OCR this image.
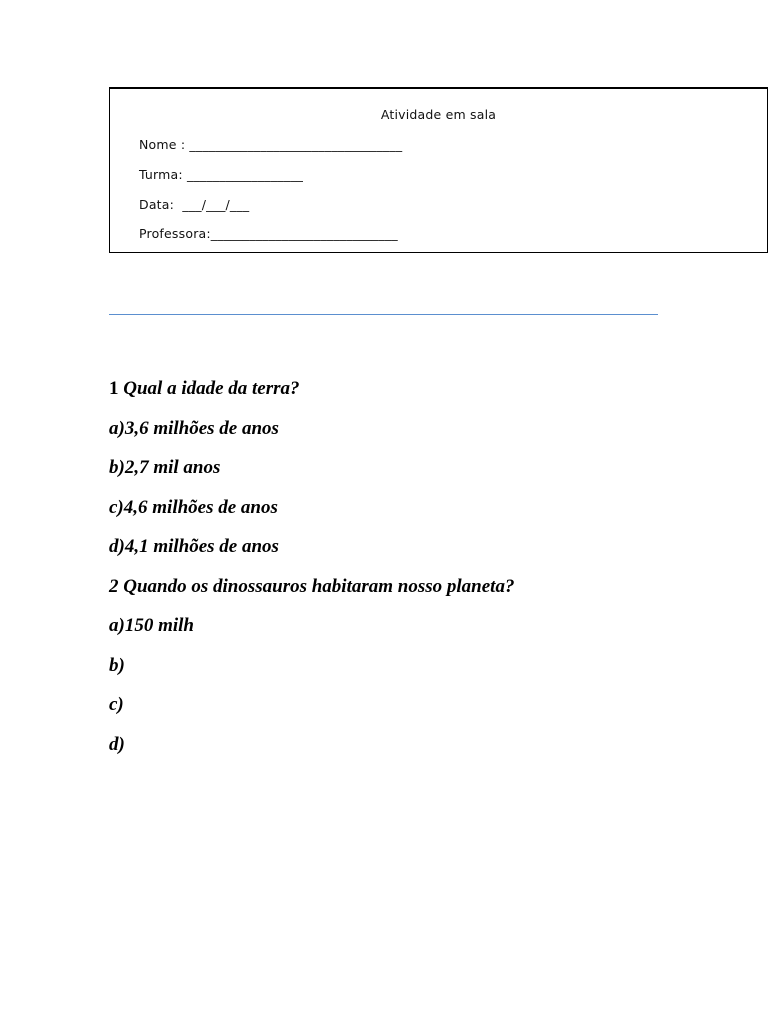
Atividade em sala
Nome : _________________________________
Turma: __________________
Data:  ___/___/___
Professora:_____________________________
1 Qual a idade da terra?
a)3,6 milhões de anos
b)2,7 mil anos
c)4,6 milhões de anos
d)4,1 milhões de anos
2 Quando os dinossauros habitaram nosso planeta?
a)150 milh
b)
c)
d)
